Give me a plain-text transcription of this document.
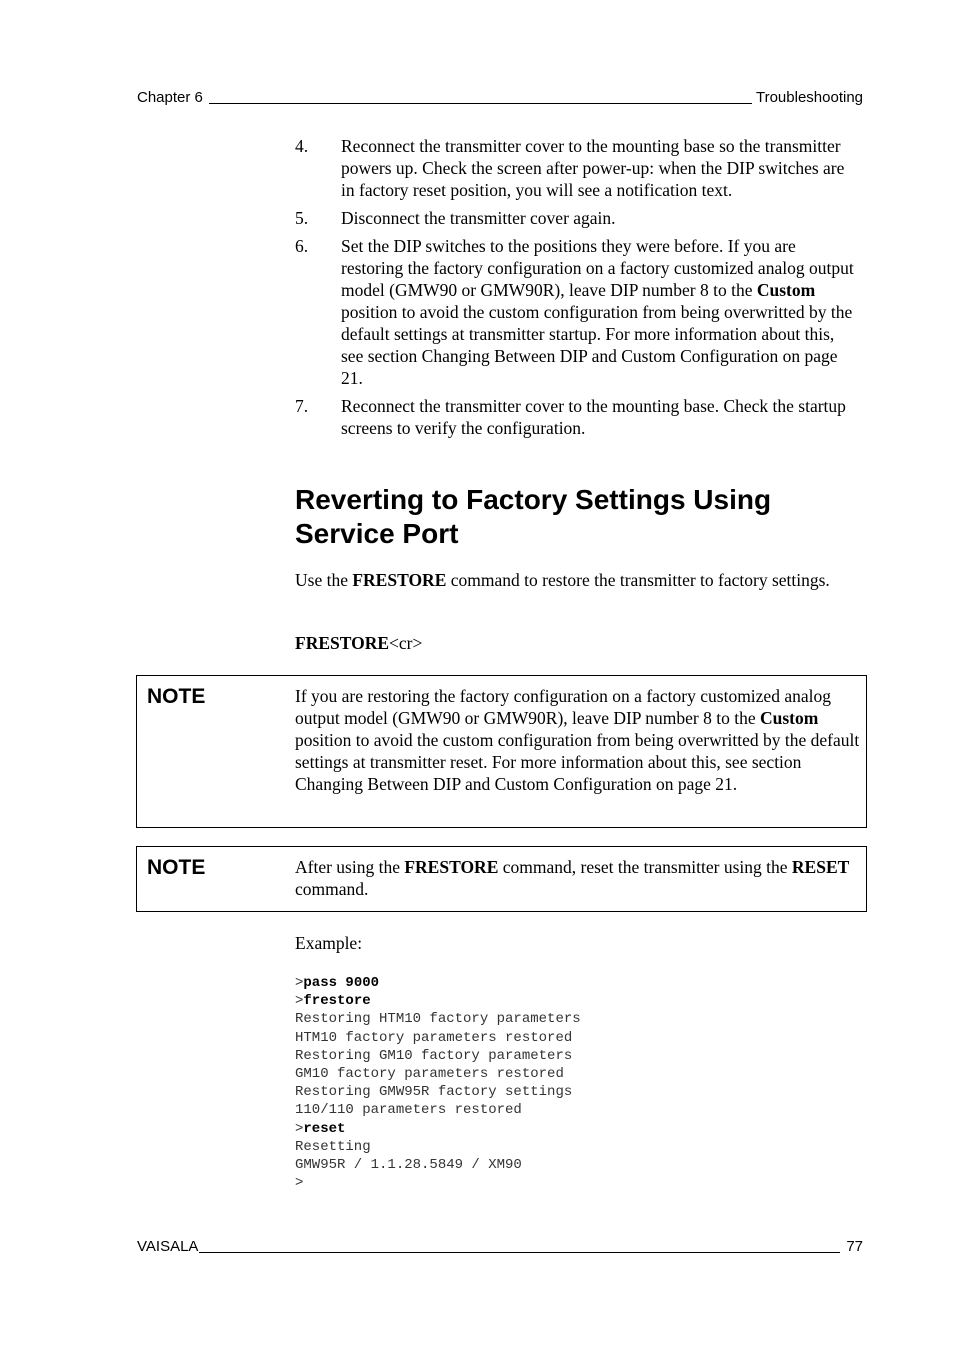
Chapter 6	Troubleshooting
4.	Reconnect the transmitter cover to the mounting base so the transmitter powers up. Check the screen after power-up: when the DIP switches are in factory reset position, you will see a notification text.
5.	Disconnect the transmitter cover again.
6.	Set the DIP switches to the positions they were before. If you are restoring the factory configuration on a factory customized analog output model (GMW90 or GMW90R), leave DIP number 8 to the Custom position to avoid the custom configuration from being overwritted by the default settings at transmitter startup. For more information about this, see section Changing Between DIP and Custom Configuration on page 21.
7.	Reconnect the transmitter cover to the mounting base. Check the startup screens to verify the configuration.
Reverting to Factory Settings Using Service Port
Use the FRESTORE command to restore the transmitter to factory settings.
FRESTORE<cr>
NOTE	If you are restoring the factory configuration on a factory customized analog output model (GMW90 or GMW90R), leave DIP number 8 to the Custom position to avoid the custom configuration from being overwritted by the default settings at transmitter reset. For more information about this, see section Changing Between DIP and Custom Configuration on page 21.
NOTE	After using the FRESTORE command, reset the transmitter using the RESET command.
Example:
>pass 9000
>frestore
Restoring HTM10 factory parameters
HTM10 factory parameters restored
Restoring GM10 factory parameters
GM10 factory parameters restored
Restoring GMW95R factory settings
110/110 parameters restored
>reset
Resetting
GMW95R / 1.1.28.5849 / XM90
>
VAISALA	77
